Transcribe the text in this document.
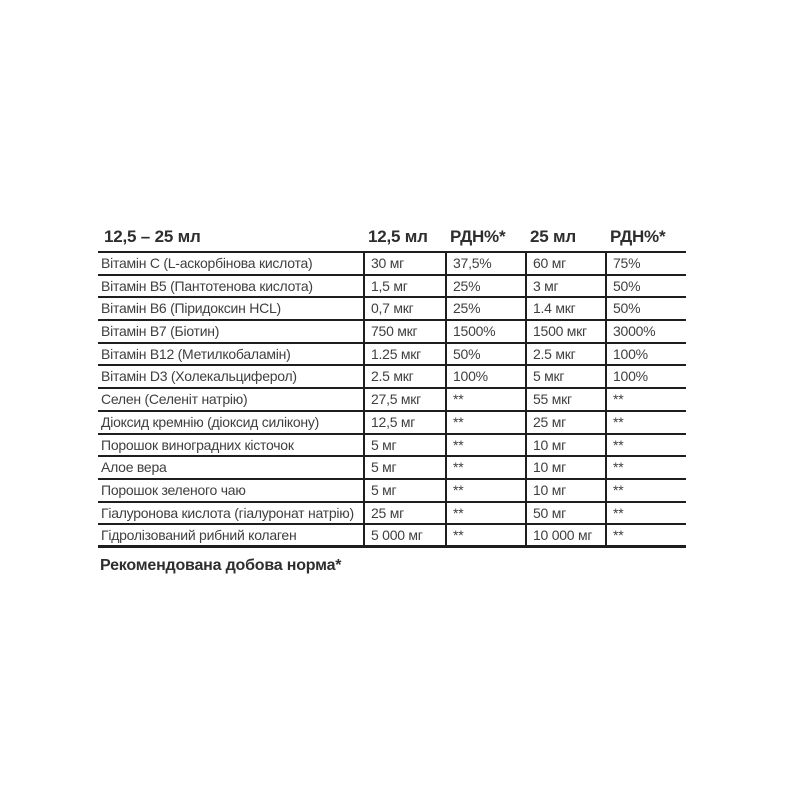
12,5 – 25 мл	12,5 мл	РДН%*	25 мл	РДН%*
Вітамін C (L-аскорбінова кислота)	30 мг	37,5%	60 мг	75%
Вітамін B5 (Пантотенова кислота)	1,5 мг	25%	3 мг	50%
Вітамін B6 (Піридоксин HCL)	0,7 мкг	25%	1.4 мкг	50%
Вітамін B7 (Біотин)	750 мкг	1500%	1500 мкг	3000%
Вітамін B12 (Метилкобаламін)	1.25 мкг	50%	2.5 мкг	100%
Вітамін D3 (Холекальциферол)	2.5 мкг	100%	5 мкг	100%
Селен (Селеніт натрію)	27,5 мкг	**	55 мкг	**
Діоксид кремнію (діоксид силікону)	12,5 мг	**	25 мг	**
Порошок виноградних кісточок	5 мг	**	10 мг	**
Алое вера	5 мг	**	10 мг	**
Порошок зеленого чаю	5 мг	**	10 мг	**
Гіалуронова кислота (гіалуронат натрію)	25 мг	**	50 мг	**
Гідролізований рибний колаген	5 000 мг	**	10 000 мг	**
Рекомендована добова норма*
